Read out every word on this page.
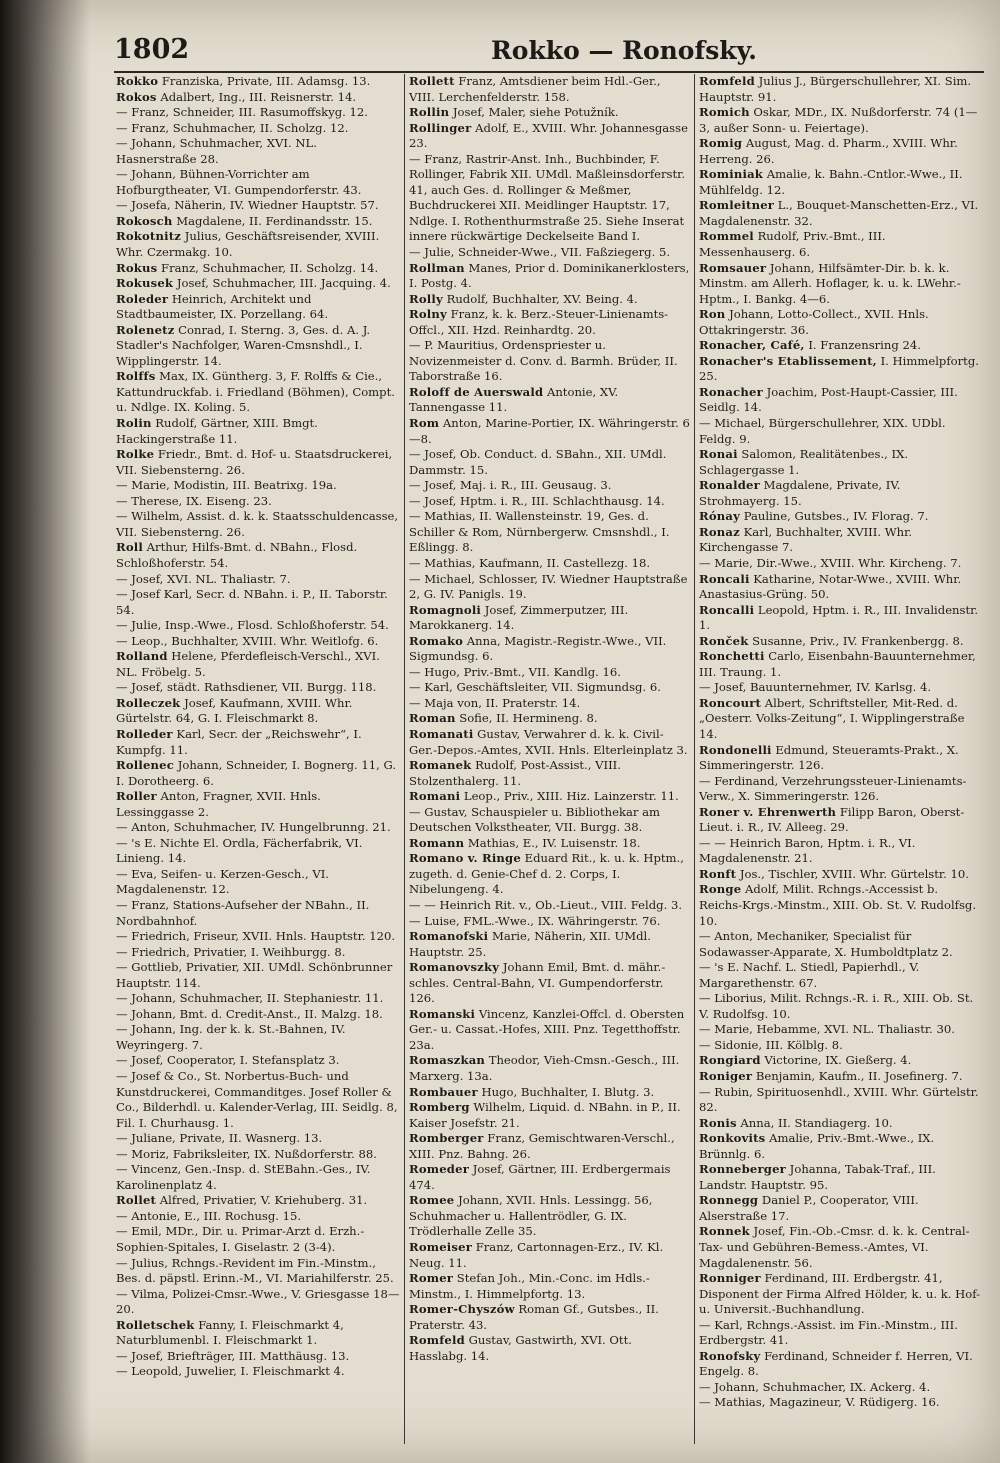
1802	Rokko — Ronofsky.

Rokko Franziska, Private, III. Adamsg. 13.

Rokos Adalbert, Ing., III. Reisnerstr. 14.

— Franz, Schneider, III. Rasumoffskyg. 12.

— Franz, Schuhmacher, II. Scholzg. 12.

— Johann, Schuhmacher, XVI. NL. Hasnerstraße 28.

— Johann, Bühnen-Vorrichter am Hofburgtheater, VI. Gumpendorferstr. 43.

— Josefa, Näherin, IV. Wiedner Hauptstr. 57.

Rokosch Magdalene, II. Ferdinandsstr. 15.

Rokotnitz Julius, Geschäftsreisender, XVIII. Whr. Czermakg. 10.

Rokus Franz, Schuhmacher, II. Scholzg. 14.

Rokusek Josef, Schuhmacher, III. Jacquing. 4.

Roleder Heinrich, Architekt und Stadtbaumeister, IX. Porzellang. 64.

Rolenetz Conrad, I. Sterng. 3, Ges. d. A. J. Stadler's Nachfolger, Waren-Cmsnshdl., I. Wipplingerstr. 14.

Rolffs Max, IX. Güntherg. 3, F. Rolffs & Cie., Kattundruckfab. i. Friedland (Böhmen), Compt. u. Ndlge. IX. Koling. 5.

Rolin Rudolf, Gärtner, XIII. Bmgt. Hackingerstraße 11.

Rolke Friedr., Bmt. d. Hof- u. Staatsdruckerei, VII. Siebensterng. 26.

— Marie, Modistin, III. Beatrixg. 19a.

— Therese, IX. Eiseng. 23.

— Wilhelm, Assist. d. k. k. Staatsschuldencasse, VII. Siebensterng. 26.

Roll Arthur, Hilfs-Bmt. d. NBahn., Flosd. Schloßhoferstr. 54.

— Josef, XVI. NL. Thaliastr. 7.

— Josef Karl, Secr. d. NBahn. i. P., II. Taborstr. 54.

— Julie, Insp.-Wwe., Flosd. Schloßhoferstr. 54.

— Leop., Buchhalter, XVIII. Whr. Weitlofg. 6.

Rolland Helene, Pferdefleisch-Verschl., XVI. NL. Fröbelg. 5.

— Josef, städt. Rathsdiener, VII. Burgg. 118.

Rolleczek Josef, Kaufmann, XVIII. Whr. Gürtelstr. 64, G. I. Fleischmarkt 8.

Rolleder Karl, Secr. der „Reichswehr“, I. Kumpfg. 11.

Rollenec Johann, Schneider, I. Bognerg. 11, G. I. Dorotheerg. 6.

Roller Anton, Fragner, XVII. Hnls. Lessinggasse 2.

— Anton, Schuhmacher, IV. Hungelbrunng. 21.

— 's E. Nichte El. Ordla, Fächerfabrik, VI. Linieng. 14.

— Eva, Seifen- u. Kerzen-Gesch., VI. Magdalenenstr. 12.

— Franz, Stations-Aufseher der NBahn., II. Nordbahnhof.

— Friedrich, Friseur, XVII. Hnls. Hauptstr. 120.

— Friedrich, Privatier, I. Weihburgg. 8.

— Gottlieb, Privatier, XII. UMdl. Schönbrunner Hauptstr. 114.

— Johann, Schuhmacher, II. Stephaniestr. 11.

— Johann, Bmt. d. Credit-Anst., II. Malzg. 18.

— Johann, Ing. der k. k. St.-Bahnen, IV. Weyringerg. 7.

— Josef, Cooperator, I. Stefansplatz 3.

— Josef & Co., St. Norbertus-Buch- und Kunstdruckerei, Commanditges. Josef Roller & Co., Bilderhdl. u. Kalender-Verlag, III. Seidlg. 8, Fil. I. Churhausg. 1.

— Juliane, Private, II. Wasnerg. 13.

— Moriz, Fabriksleiter, IX. Nußdorferstr. 88.

— Vincenz, Gen.-Insp. d. StEBahn.-Ges., IV. Karolinenplatz 4.

Rollet Alfred, Privatier, V. Kriehuberg. 31.

— Antonie, E., III. Rochusg. 15.

— Emil, MDr., Dir. u. Primar-Arzt d. Erzh.-Sophien-Spitales, I. Giselastr. 2 (3-4).

— Julius, Rchngs.-Revident im Fin.-Minstm., Bes. d. päpstl. Erinn.-M., VI. Mariahilferstr. 25.

— Vilma, Polizei-Cmsr.-Wwe., V. Griesgasse 18—20.

Rolletschek Fanny, I. Fleischmarkt 4, Naturblumenbl. I. Fleischmarkt 1.

— Josef, Briefträger, III. Matthäusg. 13.

— Leopold, Juwelier, I. Fleischmarkt 4.

Rollett Franz, Amtsdiener beim Hdl.-Ger., VIII. Lerchenfelderstr. 158.

Rollin Josef, Maler, siehe Potužník.

Rollinger Adolf, E., XVIII. Whr. Johannesgasse 23.

— Franz, Rastrir-Anst. Inh., Buchbinder, F. Rollinger, Fabrik XII. UMdl. Maßleinsdorferstr. 41, auch Ges. d. Rollinger & Meßmer, Buchdruckerei XII. Meidlinger Hauptstr. 17, Ndlge. I. Rothenthurmstraße 25. Siehe Inserat innere rückwärtige Deckelseite Band I.

— Julie, Schneider-Wwe., VII. Faßziegerg. 5.

Rollman Manes, Prior d. Dominikanerklosters, I. Postg. 4.

Rolly Rudolf, Buchhalter, XV. Being. 4.

Rolny Franz, k. k. Berz.-Steuer-Linienamts-Offcl., XII. Hzd. Reinhardtg. 20.

— P. Mauritius, Ordenspriester u. Novizenmeister d. Conv. d. Barmh. Brüder, II. Taborstraße 16.

Roloff de Auerswald Antonie, XV. Tannengasse 11.

Rom Anton, Marine-Portier, IX. Währingerstr. 6—8.

— Josef, Ob. Conduct. d. SBahn., XII. UMdl. Dammstr. 15.

— Josef, Maj. i. R., III. Geusaug. 3.

— Josef, Hptm. i. R., III. Schlachthausg. 14.

— Mathias, II. Wallensteinstr. 19, Ges. d. Schiller & Rom, Nürnbergerw. Cmsnshdl., I. Eßlingg. 8.

— Mathias, Kaufmann, II. Castellezg. 18.

— Michael, Schlosser, IV. Wiedner Hauptstraße 2, G. IV. Panigls. 19.

Romagnoli Josef, Zimmerputzer, III. Marokkanerg. 14.

Romako Anna, Magistr.-Registr.-Wwe., VII. Sigmundsg. 6.

— Hugo, Priv.-Bmt., VII. Kandlg. 16.

— Karl, Geschäftsleiter, VII. Sigmundsg. 6.

— Maja von, II. Praterstr. 14.

Roman Sofie, II. Hermineng. 8.

Romanati Gustav, Verwahrer d. k. k. Civil-Ger.-Depos.-Amtes, XVII. Hnls. Elterleinplatz 3.

Romanek Rudolf, Post-Assist., VIII. Stolzenthalerg. 11.

Romani Leop., Priv., XIII. Hiz. Lainzerstr. 11.

— Gustav, Schauspieler u. Bibliothekar am Deutschen Volkstheater, VII. Burgg. 38.

Romann Mathias, E., IV. Luisenstr. 18.

Romano v. Ringe Eduard Rit., k. u. k. Hptm., zugeth. d. Genie-Chef d. 2. Corps, I. Nibelungeng. 4.

— — Heinrich Rit. v., Ob.-Lieut., VIII. Feldg. 3.

— Luise, FML.-Wwe., IX. Währingerstr. 76.

Romanofski Marie, Näherin, XII. UMdl. Hauptstr. 25.

Romanovszky Johann Emil, Bmt. d. mähr.-schles. Central-Bahn, VI. Gumpendorferstr. 126.

Romanski Vincenz, Kanzlei-Offcl. d. Obersten Ger.- u. Cassat.-Hofes, XIII. Pnz. Tegetthoffstr. 23a.

Romaszkan Theodor, Vieh-Cmsn.-Gesch., III. Marxerg. 13a.

Rombauer Hugo, Buchhalter, I. Blutg. 3.

Romberg Wilhelm, Liquid. d. NBahn. in P., II. Kaiser Josefstr. 21.

Romberger Franz, Gemischtwaren-Verschl., XIII. Pnz. Bahng. 26.

Romeder Josef, Gärtner, III. Erdbergermais 474.

Romee Johann, XVII. Hnls. Lessingg. 56, Schuhmacher u. Hallentrödler, G. IX. Trödlerhalle Zelle 35.

Romeiser Franz, Cartonnagen-Erz., IV. Kl. Neug. 11.

Romer Stefan Joh., Min.-Conc. im Hdls.-Minstm., I. Himmelpfortg. 13.

Romer-Chyszów Roman Gf., Gutsbes., II. Praterstr. 43.

Romfeld Gustav, Gastwirth, XVI. Ott. Hasslabg. 14.

Romfeld Julius J., Bürgerschullehrer, XI. Sim. Hauptstr. 91.

Romich Oskar, MDr., IX. Nußdorferstr. 74 (1—3, außer Sonn- u. Feiertage).

Romig August, Mag. d. Pharm., XVIII. Whr. Herreng. 26.

Rominiak Amalie, k. Bahn.-Cntlor.-Wwe., II. Mühlfeldg. 12.

Romleitner L., Bouquet-Manschetten-Erz., VI. Magdalenenstr. 32.

Rommel Rudolf, Priv.-Bmt., III. Messenhauserg. 6.

Romsauer Johann, Hilfsämter-Dir. b. k. k. Minstm. am Allerh. Hoflager, k. u. k. LWehr.-Hptm., I. Bankg. 4—6.

Ron Johann, Lotto-Collect., XVII. Hnls. Ottakringerstr. 36.

Ronacher, Café, I. Franzensring 24.

Ronacher's Etablissement, I. Himmelpfortg. 25.

Ronacher Joachim, Post-Haupt-Cassier, III. Seidlg. 14.

— Michael, Bürgerschullehrer, XIX. UDbl. Feldg. 9.

Ronai Salomon, Realitätenbes., IX. Schlagergasse 1.

Ronalder Magdalene, Private, IV. Strohmayerg. 15.

Rónay Pauline, Gutsbes., IV. Florag. 7.

Ronaz Karl, Buchhalter, XVIII. Whr. Kirchengasse 7.

— Marie, Dir.-Wwe., XVIII. Whr. Kircheng. 7.

Roncali Katharine, Notar-Wwe., XVIII. Whr. Anastasius-Grüng. 50.

Roncalli Leopold, Hptm. i. R., III. Invalidenstr. 1.

Ronček Susanne, Priv., IV. Frankenbergg. 8.

Ronchetti Carlo, Eisenbahn-Bauunternehmer, III. Traung. 1.

— Josef, Bauunternehmer, IV. Karlsg. 4.

Roncourt Albert, Schriftsteller, Mit-Red. d. „Oesterr. Volks-Zeitung“, I. Wipplingerstraße 14.

Rondonelli Edmund, Steueramts-Prakt., X. Simmeringerstr. 126.

— Ferdinand, Verzehrungssteuer-Linienamts-Verw., X. Simmeringerstr. 126.

Roner v. Ehrenwerth Filipp Baron, Oberst-Lieut. i. R., IV. Alleeg. 29.

— — Heinrich Baron, Hptm. i. R., VI. Magdalenenstr. 21.

Ronft Jos., Tischler, XVIII. Whr. Gürtelstr. 10.

Ronge Adolf, Milit. Rchngs.-Accessist b. Reichs-Krgs.-Minstm., XIII. Ob. St. V. Rudolfsg. 10.

— Anton, Mechaniker, Specialist für Sodawasser-Apparate, X. Humboldtplatz 2.

— 's E. Nachf. L. Stiedl, Papierhdl., V. Margarethenstr. 67.

— Liborius, Milit. Rchngs.-R. i. R., XIII. Ob. St. V. Rudolfsg. 10.

— Marie, Hebamme, XVI. NL. Thaliastr. 30.

— Sidonie, III. Kölblg. 8.

Rongiard Victorine, IX. Gießerg. 4.

Roniger Benjamin, Kaufm., II. Josefinerg. 7.

— Rubin, Spirituosenhdl., XVIII. Whr. Gürtelstr. 82.

Ronis Anna, II. Standiagerg. 10.

Ronkovits Amalie, Priv.-Bmt.-Wwe., IX. Brünnlg. 6.

Ronneberger Johanna, Tabak-Traf., III. Landstr. Hauptstr. 95.

Ronnegg Daniel P., Cooperator, VIII. Alserstraße 17.

Ronnek Josef, Fin.-Ob.-Cmsr. d. k. k. Central-Tax- und Gebühren-Bemess.-Amtes, VI. Magdalenenstr. 56.

Ronniger Ferdinand, III. Erdbergstr. 41, Disponent der Firma Alfred Hölder, k. u. k. Hof- u. Universit.-Buchhandlung.

— Karl, Rchngs.-Assist. im Fin.-Minstm., III. Erdbergstr. 41.

Ronofsky Ferdinand, Schneider f. Herren, VI. Engelg. 8.

— Johann, Schuhmacher, IX. Ackerg. 4.

— Mathias, Magazineur, V. Rüdigerg. 16.
